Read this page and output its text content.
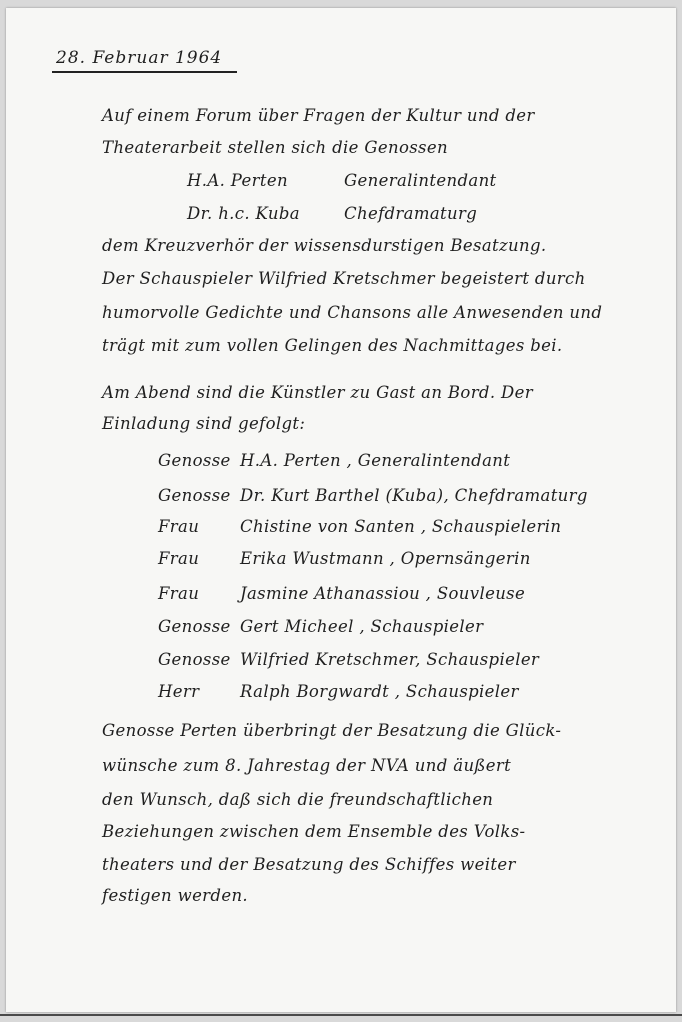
28. Februar 1964
Auf einem Forum über Fragen der Kultur und der
Theaterarbeit stellen sich die Genossen
H.A. Perten	Generalintendant
Dr. h.c. Kuba	Chefdramaturg
dem Kreuzverhör der wissensdurstigen Besatzung.
Der Schauspieler Wilfried Kretschmer begeistert durch
humorvolle Gedichte und Chansons alle Anwesenden und
trägt mit zum vollen Gelingen des Nachmittages bei.
Am Abend sind die Künstler zu Gast an Bord. Der
Einladung sind gefolgt:
Genosse H.A. Perten , Generalintendant
Genosse Dr. Kurt Barthel (Kuba), Chefdramaturg
Frau Chistine von Santen , Schauspielerin
Frau Erika Wustmann , Opernsängerin
Frau Jasmine Athanassiou , Souvleuse
Genosse Gert Micheel , Schauspieler
Genosse Wilfried Kretschmer, Schauspieler
Herr Ralph Borgwardt , Schauspieler
Genosse Perten überbringt der Besatzung die Glück-
wünsche zum 8. Jahrestag der NVA und äußert
den Wunsch, daß sich die freundschaftlichen
Beziehungen zwischen dem Ensemble des Volks-
theaters und der Besatzung des Schiffes weiter
festigen werden.
